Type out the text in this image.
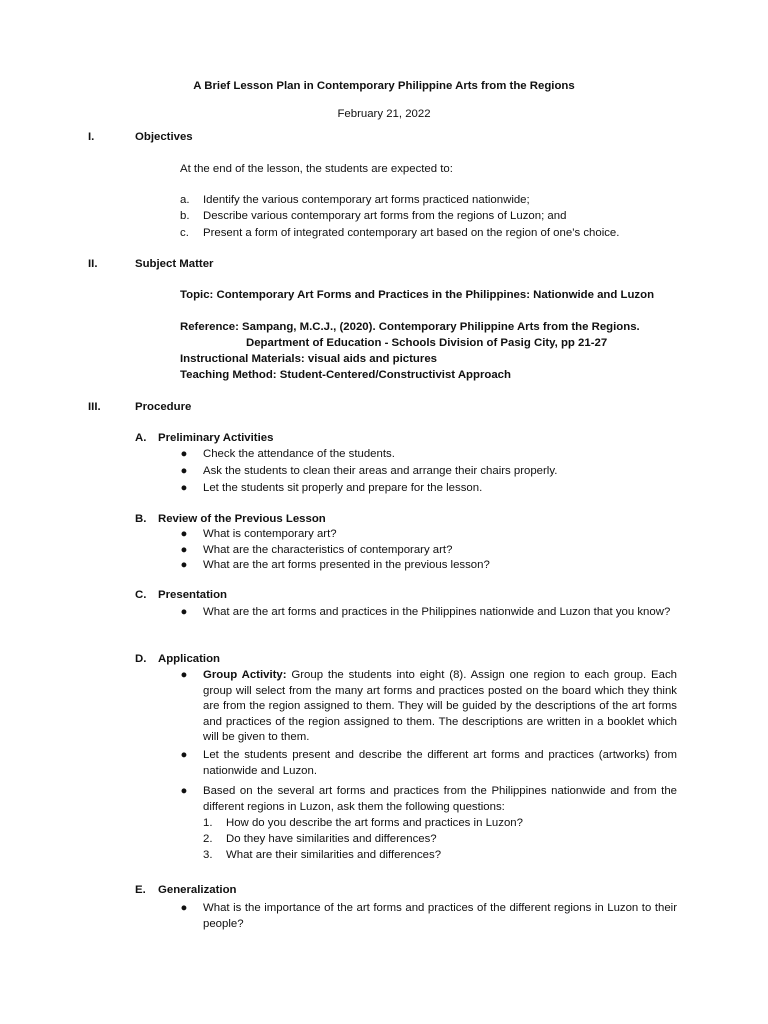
A Brief Lesson Plan in Contemporary Philippine Arts from the Regions
February 21, 2022
I.	Objectives
At the end of the lesson, the students are expected to:
a. Identify the various contemporary art forms practiced nationwide;
b. Describe various contemporary art forms from the regions of Luzon; and
c. Present a form of integrated contemporary art based on the region of one’s choice.
II.	Subject Matter
Topic: Contemporary Art Forms and Practices in the Philippines: Nationwide and Luzon
Reference: Sampang, M.C.J., (2020). Contemporary Philippine Arts from the Regions.
Department of Education - Schools Division of Pasig City, pp 21-27
Instructional Materials: visual aids and pictures
Teaching Method: Student-Centered/Constructivist Approach
III.	Procedure
A. Preliminary Activities
● Check the attendance of the students.
● Ask the students to clean their areas and arrange their chairs properly.
● Let the students sit properly and prepare for the lesson.
B. Review of the Previous Lesson
● What is contemporary art?
● What are the characteristics of contemporary art?
● What are the art forms presented in the previous lesson?
C. Presentation
● What are the art forms and practices in the Philippines nationwide and Luzon that you know?
D. Application
● Group Activity: Group the students into eight (8). Assign one region to each group. Each group will select from the many art forms and practices posted on the board which they think are from the region assigned to them. They will be guided by the descriptions of the art forms and practices of the region assigned to them. The descriptions are written in a booklet which will be given to them.
● Let the students present and describe the different art forms and practices (artworks) from nationwide and Luzon.
● Based on the several art forms and practices from the Philippines nationwide and from the different regions in Luzon, ask them the following questions:
1. How do you describe the art forms and practices in Luzon?
2. Do they have similarities and differences?
3. What are their similarities and differences?
E. Generalization
● What is the importance of the art forms and practices of the different regions in Luzon to their people?
